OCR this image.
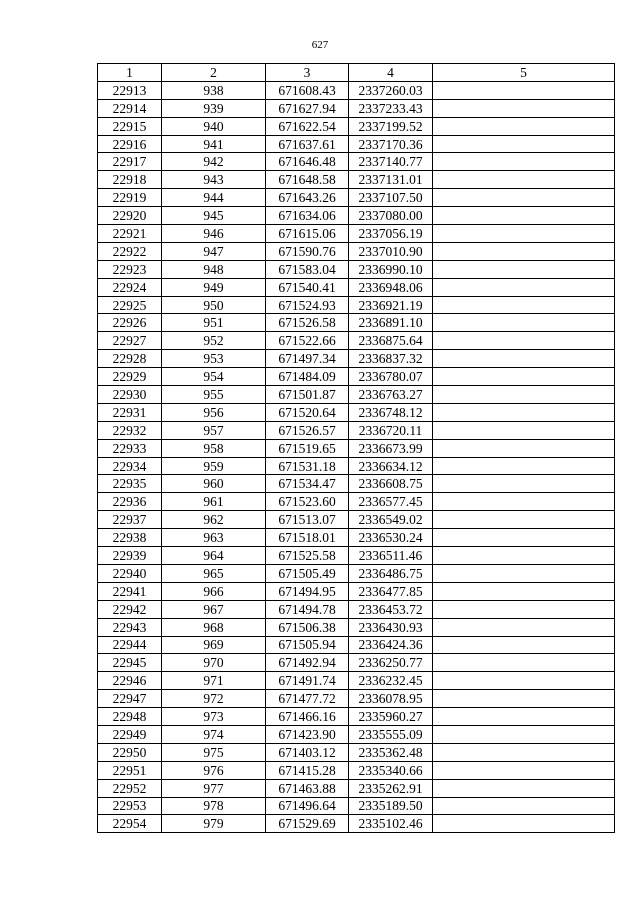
627
1	2	3	4	5
22913	938	671608.43	2337260.03	
22914	939	671627.94	2337233.43	
22915	940	671622.54	2337199.52	
22916	941	671637.61	2337170.36	
22917	942	671646.48	2337140.77	
22918	943	671648.58	2337131.01	
22919	944	671643.26	2337107.50	
22920	945	671634.06	2337080.00	
22921	946	671615.06	2337056.19	
22922	947	671590.76	2337010.90	
22923	948	671583.04	2336990.10	
22924	949	671540.41	2336948.06	
22925	950	671524.93	2336921.19	
22926	951	671526.58	2336891.10	
22927	952	671522.66	2336875.64	
22928	953	671497.34	2336837.32	
22929	954	671484.09	2336780.07	
22930	955	671501.87	2336763.27	
22931	956	671520.64	2336748.12	
22932	957	671526.57	2336720.11	
22933	958	671519.65	2336673.99	
22934	959	671531.18	2336634.12	
22935	960	671534.47	2336608.75	
22936	961	671523.60	2336577.45	
22937	962	671513.07	2336549.02	
22938	963	671518.01	2336530.24	
22939	964	671525.58	2336511.46	
22940	965	671505.49	2336486.75	
22941	966	671494.95	2336477.85	
22942	967	671494.78	2336453.72	
22943	968	671506.38	2336430.93	
22944	969	671505.94	2336424.36	
22945	970	671492.94	2336250.77	
22946	971	671491.74	2336232.45	
22947	972	671477.72	2336078.95	
22948	973	671466.16	2335960.27	
22949	974	671423.90	2335555.09	
22950	975	671403.12	2335362.48	
22951	976	671415.28	2335340.66	
22952	977	671463.88	2335262.91	
22953	978	671496.64	2335189.50	
22954	979	671529.69	2335102.46	
